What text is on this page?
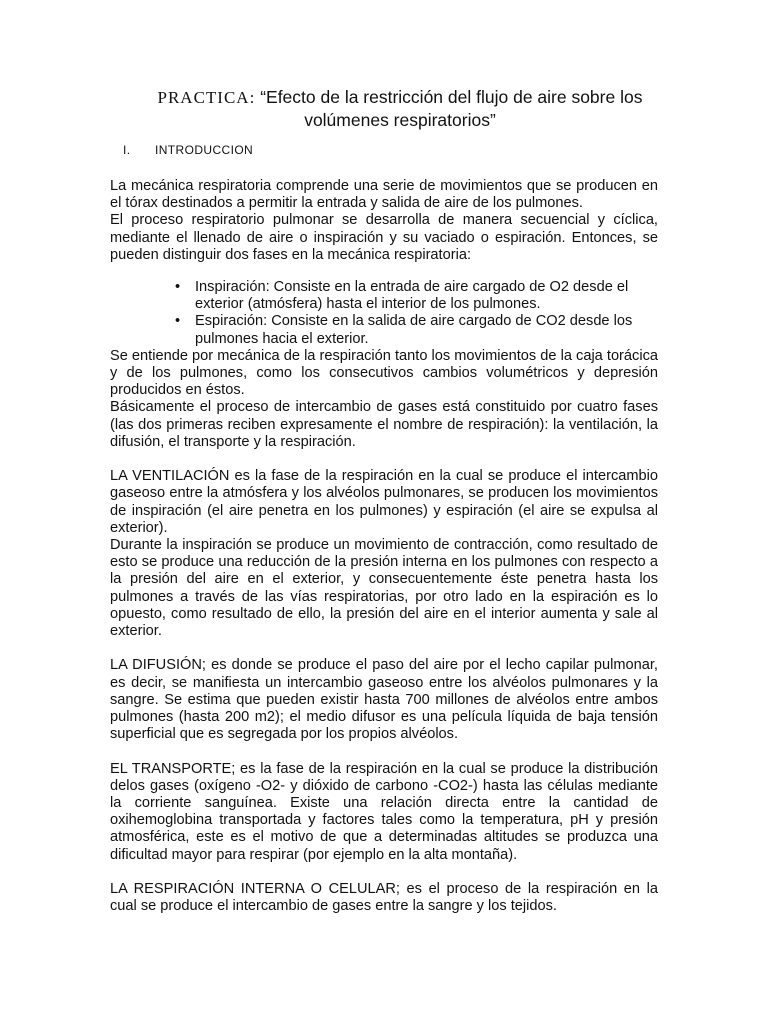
PRACTICA: “Efecto de la restricción del flujo de aire sobre los
volúmenes respiratorios”
I. INTRODUCCION

La mecánica respiratoria comprende una serie de movimientos que se producen en el tórax destinados a permitir la entrada y salida de aire de los pulmones.

El proceso respiratorio pulmonar se desarrolla de manera secuencial y cíclica, mediante el llenado de aire o inspiración y su vaciado o espiración. Entonces, se pueden distinguir dos fases en la mecánica respiratoria:

• Inspiración: Consiste en la entrada de aire cargado de O2 desde el exterior (atmósfera) hasta el interior de los pulmones.
• Espiración: Consiste en la salida de aire cargado de CO2 desde los pulmones hacia el exterior.

Se entiende por mecánica de la respiración tanto los movimientos de la caja torácica y de los pulmones, como los consecutivos cambios volumétricos y depresión producidos en éstos.

Básicamente el proceso de intercambio de gases está constituido por cuatro fases (las dos primeras reciben expresamente el nombre de respiración): la ventilación, la difusión, el transporte y la respiración.

LA VENTILACIÓN es la fase de la respiración en la cual se produce el intercambio gaseoso entre la atmósfera y los alvéolos pulmonares, se producen los movimientos de inspiración (el aire penetra en los pulmones) y espiración (el aire se expulsa al exterior).

Durante la inspiración se produce un movimiento de contracción, como resultado de esto se produce una reducción de la presión interna en los pulmones con respecto a la presión del aire en el exterior, y consecuentemente éste penetra hasta los pulmones a través de las vías respiratorias, por otro lado en la espiración es lo opuesto, como resultado de ello, la presión del aire en el interior aumenta y sale al exterior.

LA DIFUSIÓN; es donde se produce el paso del aire por el lecho capilar pulmonar, es decir, se manifiesta un intercambio gaseoso entre los alvéolos pulmonares y la sangre. Se estima que pueden existir hasta 700 millones de alvéolos entre ambos pulmones (hasta 200 m2); el medio difusor es una película líquida de baja tensión superficial que es segregada por los propios alvéolos.

EL TRANSPORTE; es la fase de la respiración en la cual se produce la distribución delos gases (oxígeno -O2- y dióxido de carbono -CO2-) hasta las células mediante la corriente sanguínea. Existe una relación directa entre la cantidad de oxihemoglobina transportada y factores tales como la temperatura, pH y presión atmosférica, este es el motivo de que a determinadas altitudes se produzca una dificultad mayor para respirar (por ejemplo en la alta montaña).

LA RESPIRACIÓN INTERNA O CELULAR; es el proceso de la respiración en la cual se produce el intercambio de gases entre la sangre y los tejidos.
